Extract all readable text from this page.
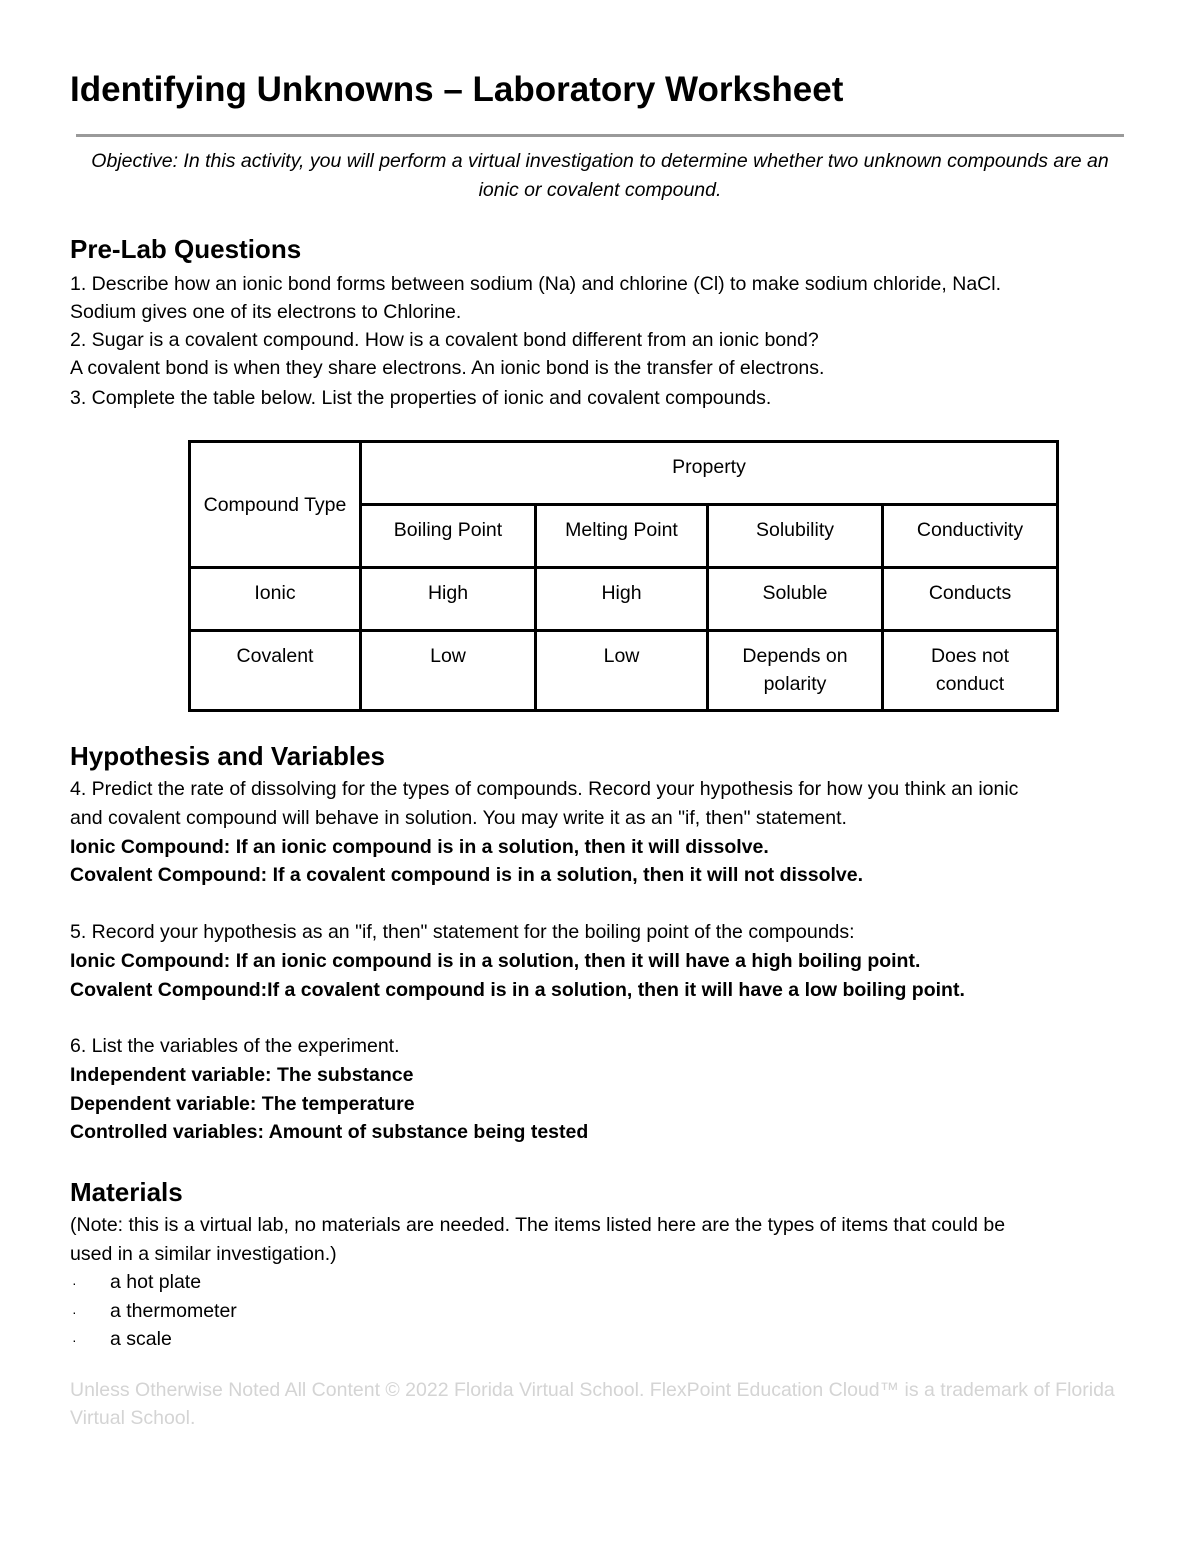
Identifying Unknowns – Laboratory Worksheet
Objective: In this activity, you will perform a virtual investigation to determine whether two unknown compounds are an ionic or covalent compound.
Pre-Lab Questions
1. Describe how an ionic bond forms between sodium (Na) and chlorine (Cl) to make sodium chloride, NaCl.
Sodium gives one of its electrons to Chlorine.
2. Sugar is a covalent compound. How is a covalent bond different from an ionic bond?
A covalent bond is when they share electrons. An ionic bond is the transfer of electrons.
3. Complete the table below. List the properties of ionic and covalent compounds.
Compound Type	Property			
	Boiling Point	Melting Point	Solubility	Conductivity
Ionic	High	High	Soluble	Conducts
Covalent	Low	Low	Depends on polarity	Does not conduct
Hypothesis and Variables
4. Predict the rate of dissolving for the types of compounds. Record your hypothesis for how you think an ionic
and covalent compound will behave in solution. You may write it as an "if, then" statement.
Ionic Compound: If an ionic compound is in a solution, then it will dissolve.
Covalent Compound: If a covalent compound is in a solution, then it will not dissolve.
5. Record your hypothesis as an "if, then" statement for the boiling point of the compounds:
Ionic Compound: If an ionic compound is in a solution, then it will have a high boiling point.
Covalent Compound:If a covalent compound is in a solution, then it will have a low boiling point.
6. List the variables of the experiment.
Independent variable: The substance
Dependent variable: The temperature
Controlled variables: Amount of substance being tested
Materials
(Note: this is a virtual lab, no materials are needed. The items listed here are the types of items that could be
used in a similar investigation.)
· a hot plate
· a thermometer
· a scale
Unless Otherwise Noted All Content © 2022 Florida Virtual School. FlexPoint Education Cloud™ is a trademark of Florida Virtual School.
